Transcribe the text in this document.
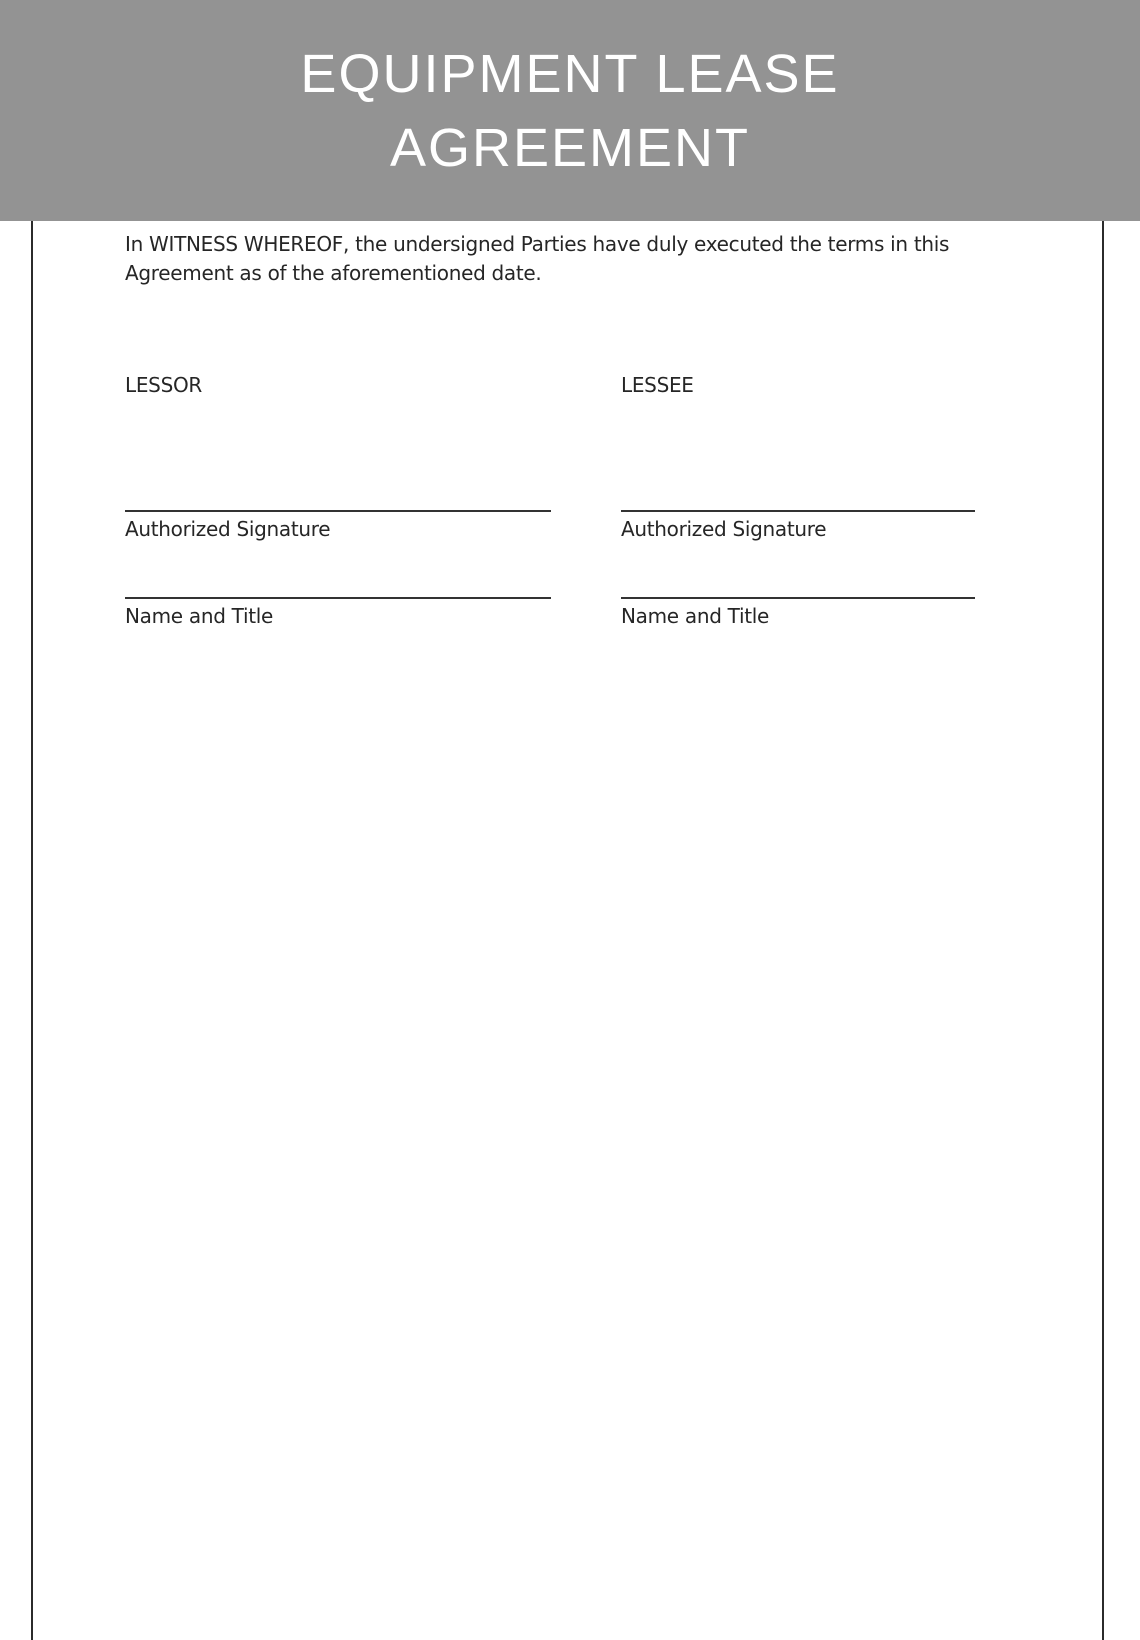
EQUIPMENT LEASE
AGREEMENT

In WITNESS WHEREOF, the undersigned Parties have duly executed the terms in this Agreement as of the aforementioned date.

LESSOR
Authorized Signature
Name and Title
LESSEE
Authorized Signature
Name and Title
